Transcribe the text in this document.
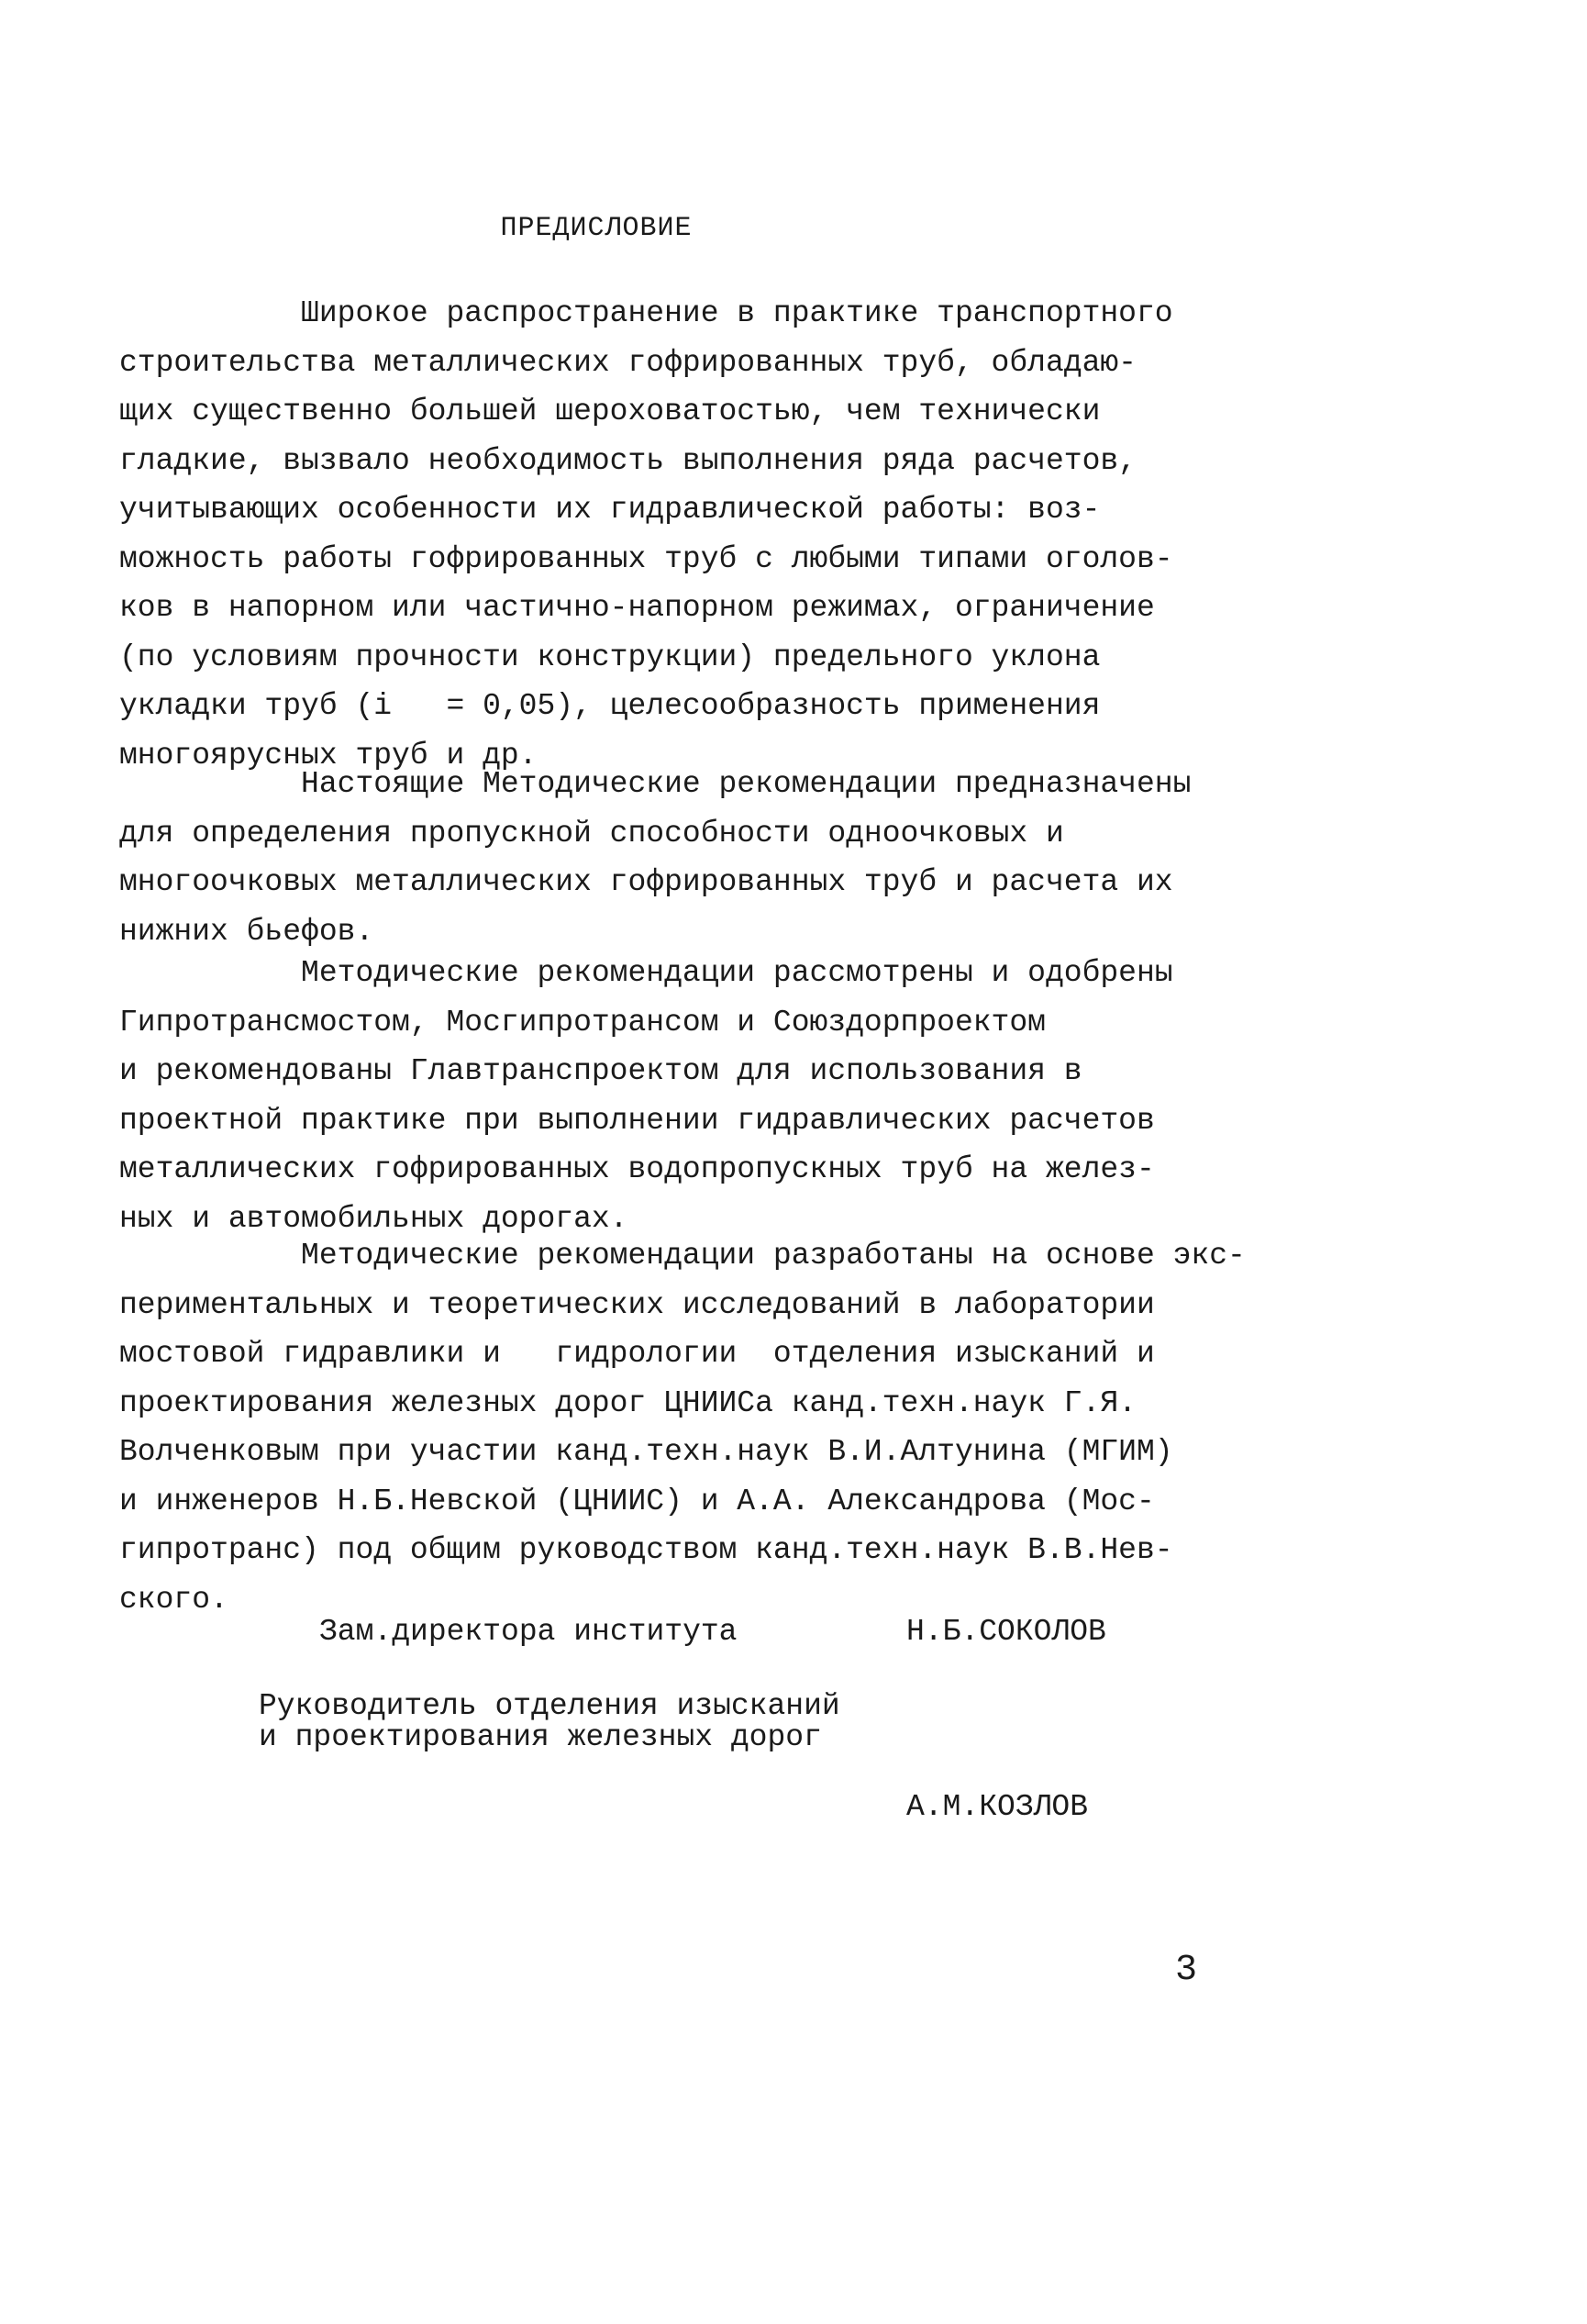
ПРЕДИСЛОВИЕ
Широкое распространение в практике транспортного
строительства металлических гофрированных труб, обладаю-
щих существенно большей шероховатостью, чем технически
гладкие, вызвало необходимость выполнения ряда расчетов,
учитывающих особенности их гидравлической работы: воз-
можность работы гофрированных труб с любыми типами оголов-
ков в напорном или частично-напорном режимах, ограничение
(по условиям прочности конструкции) предельного уклона
укладки труб (i   = 0,05), целесообразность применения
многоярусных труб и др.
Настоящие Методические рекомендации предназначены
для определения пропускной способности одноочковых и
многоочковых металлических гофрированных труб и расчета их
нижних бьефов.
Методические рекомендации рассмотрены и одобрены
Гипротрансмостом, Мосгипротрансом и Союздорпроектом
и рекомендованы Главтранспроектом для использования в
проектной практике при выполнении гидравлических расчетов
металлических гофрированных водопропускных труб на желез-
ных и автомобильных дорогах.
Методические рекомендации разработаны на основе экс-
периментальных и теоретических исследований в лаборатории
мостовой гидравлики и   гидрологии  отделения изысканий и
проектирования железных дорог ЦНИИСа канд.техн.наук Г.Я.
Волченковым при участии канд.техн.наук В.И.Алтунина (МГИМ)
и инженеров Н.Б.Невской (ЦНИИС) и А.А. Александрова (Мос-
гипротранс) под общим руководством канд.техн.наук В.В.Нев-
ского.
Зам.директора института	Н.Б.СОКОЛОВ
Руководитель отделения изысканий
и проектирования железных дорог
А.М.КОЗЛОВ
3
